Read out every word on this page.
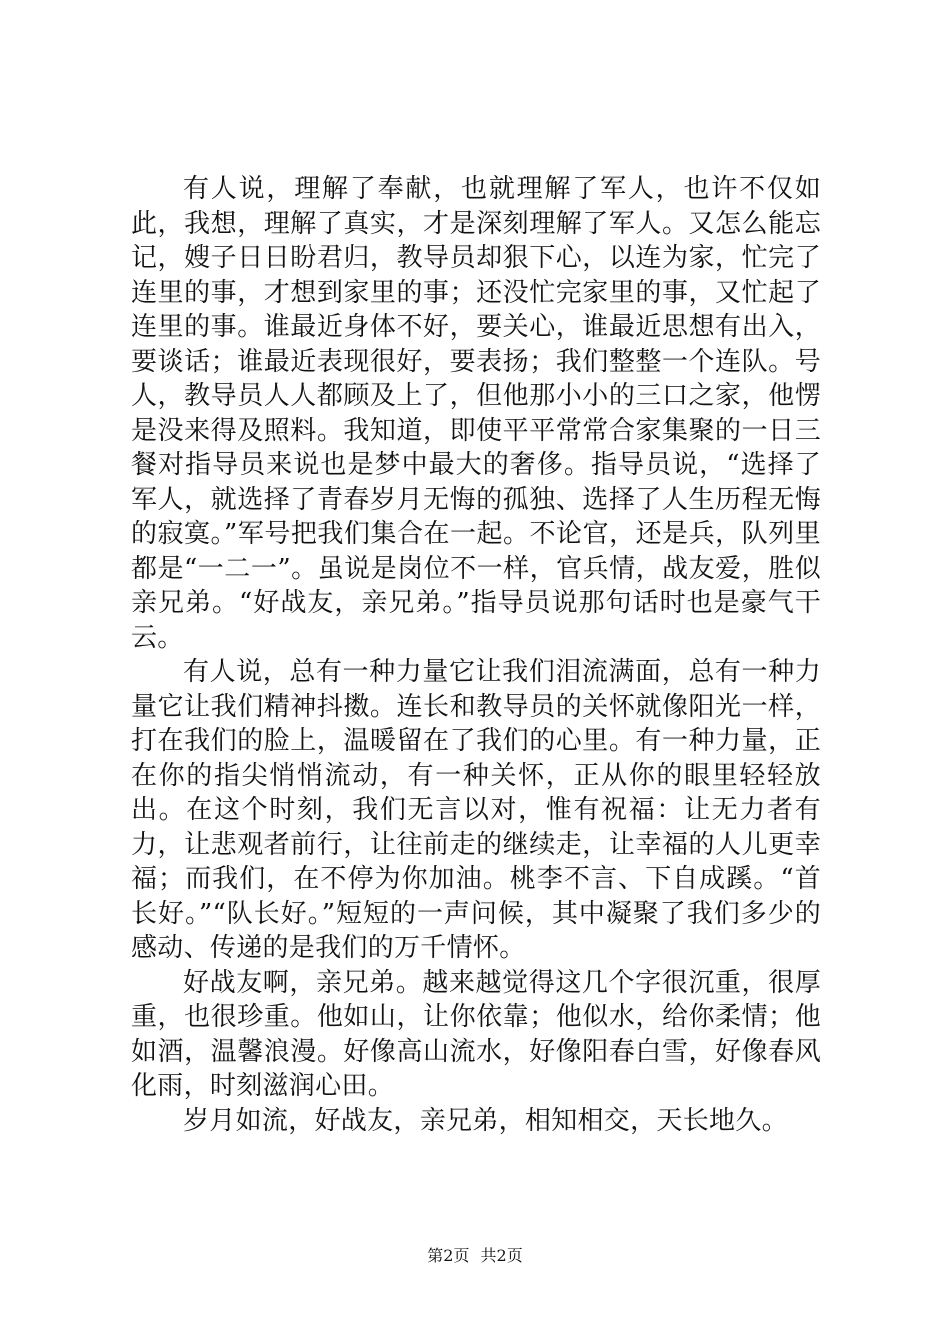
有人说，理解了奉献，也就理解了军人，也许不仅如此，我想，理解了真实，才是深刻理解了军人。又怎么能忘记，嫂子日日盼君归，教导员却狠下心，以连为家，忙完了连里的事，才想到家里的事；还没忙完家里的事，又忙起了连里的事。谁最近身体不好，要关心，谁最近思想有出入，要谈话；谁最近表现很好，要表扬；我们整整一个连队。号人，教导员人人都顾及上了，但他那小小的三口之家，他愣是没来得及照料。我知道，即使平平常常合家集聚的一日三餐对指导员来说也是梦中最大的奢侈。指导员说，“选择了军人，就选择了青春岁月无悔的孤独、选择了人生历程无悔的寂寞。”军号把我们集合在一起。不论官，还是兵，队列里都是“一二一”。虽说是岗位不一样，官兵情，战友爱，胜似亲兄弟。“好战友，亲兄弟。”指导员说那句话时也是豪气干云。

有人说，总有一种力量它让我们泪流满面，总有一种力量它让我们精神抖擞。连长和教导员的关怀就像阳光一样，打在我们的脸上，温暖留在了我们的心里。有一种力量，正在你的指尖悄悄流动，有一种关怀，正从你的眼里轻轻放出。在这个时刻，我们无言以对，惟有祝福：让无力者有力，让悲观者前行，让往前走的继续走，让幸福的人儿更幸福；而我们，在不停为你加油。桃李不言、下自成蹊。“首长好。”“队长好。”短短的一声问候，其中凝聚了我们多少的感动、传递的是我们的万千情怀。

好战友啊，亲兄弟。越来越觉得这几个字很沉重，很厚重，也很珍重。他如山，让你依靠；他似水，给你柔情；他如酒，温馨浪漫。好像高山流水，好像阳春白雪，好像春风化雨，时刻滋润心田。

岁月如流，好战友，亲兄弟，相知相交，天长地久。

第2页 共2页
